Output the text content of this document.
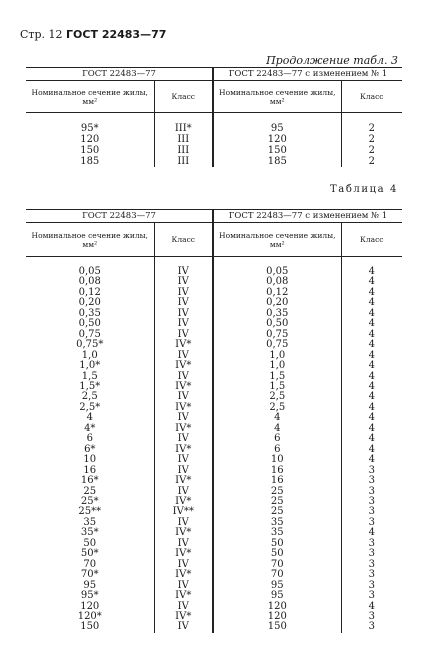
Стр. 12 ГОСТ 22483—77
Продолжение табл. 3
ГОСТ 22483—77		ГОСТ 22483—77 с изменением № 1	
Номинальное сечение жилы, мм²	Класс	Номинальное сечение жилы, мм²	Класс

95*	III*	95	2
120	III	120	2
150	III	150	2
185	III	185	2
Таблица 4
ГОСТ 22483—77		ГОСТ 22483—77 с изменением № 1	
Номинальное сечение жилы, мм²	Класс	Номинальное сечение жилы, мм²	Класс

0,05	IV	0,05	4
0,08	IV	0,08	4
0,12	IV	0,12	4
0,20	IV	0,20	4
0,35	IV	0,35	4
0,50	IV	0,50	4
0,75	IV	0,75	4
0,75*	IV*	0,75	4
1,0	IV	1,0	4
1,0*	IV*	1,0	4
1,5	IV	1,5	4
1,5*	IV*	1,5	4
2,5	IV	2,5	4
2,5*	IV*	2,5	4
4	IV	4	4
4*	IV*	4	4
6	IV	6	4
6*	IV*	6	4
10	IV	10	4
16	IV	16	3
16*	IV*	16	3
25	IV	25	3
25*	IV*	25	3
25**	IV**	25	3
35	IV	35	3
35*	IV*	35	4
50	IV	50	3
50*	IV*	50	3
70	IV	70	3
70*	IV*	70	3
95	IV	95	3
95*	IV*	95	3
120	IV	120	4
120*	IV*	120	3
150	IV	150	3
